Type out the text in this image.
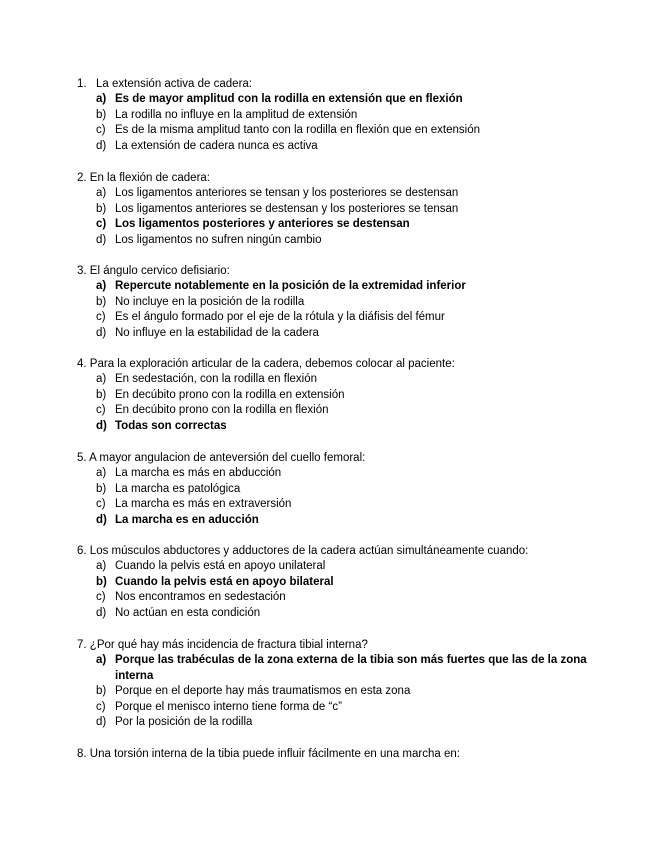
1. La extensión activa de cadera:
a) Es de mayor amplitud con la rodilla en extensión que en flexión
b) La rodilla no influye en la amplitud de extensión
c) Es de la misma amplitud tanto con la rodilla en flexión que en extensión
d) La extensión de cadera nunca es activa
2. En la flexión de cadera:
a) Los ligamentos anteriores se tensan y los posteriores se destensan
b) Los ligamentos anteriores se destensan y los posteriores se tensan
c) Los ligamentos posteriores y anteriores se destensan
d) Los ligamentos no sufren ningún cambio
3. El ángulo cervico defisiario:
a) Repercute notablemente en la posición de la extremidad inferior
b) No incluye en la posición de la rodilla
c) Es el ángulo formado por el eje de la rótula y la diáfisis del fémur
d) No influye en la estabilidad de la cadera
4. Para la exploración articular de la cadera, debemos colocar al paciente:
a) En sedestación, con la rodilla en flexión
b) En decúbito prono con la rodilla en extensión
c) En decúbito prono con la rodilla en flexión
d) Todas son correctas
5. A mayor angulacion de anteversión del cuello femoral:
a) La marcha es más en abducción
b) La marcha es patológica
c) La marcha es más en extraversión
d) La marcha es en aducción
6. Los músculos abductores y adductores de la cadera actúan simultáneamente cuando:
a) Cuando la pelvis está en apoyo unilateral
b) Cuando la pelvis está en apoyo bilateral
c) Nos encontramos en sedestación
d) No actúan en esta condición
7. ¿Por qué hay más incidencia de fractura tibial interna?
a) Porque las trabéculas de la zona externa de la tibia son más fuertes que las de la zona interna
b) Porque en el deporte hay más traumatismos en esta zona
c) Porque el menisco interno tiene forma de “c”
d) Por la posición de la rodilla
8. Una torsión interna de la tibia puede influir fácilmente en una marcha en:
